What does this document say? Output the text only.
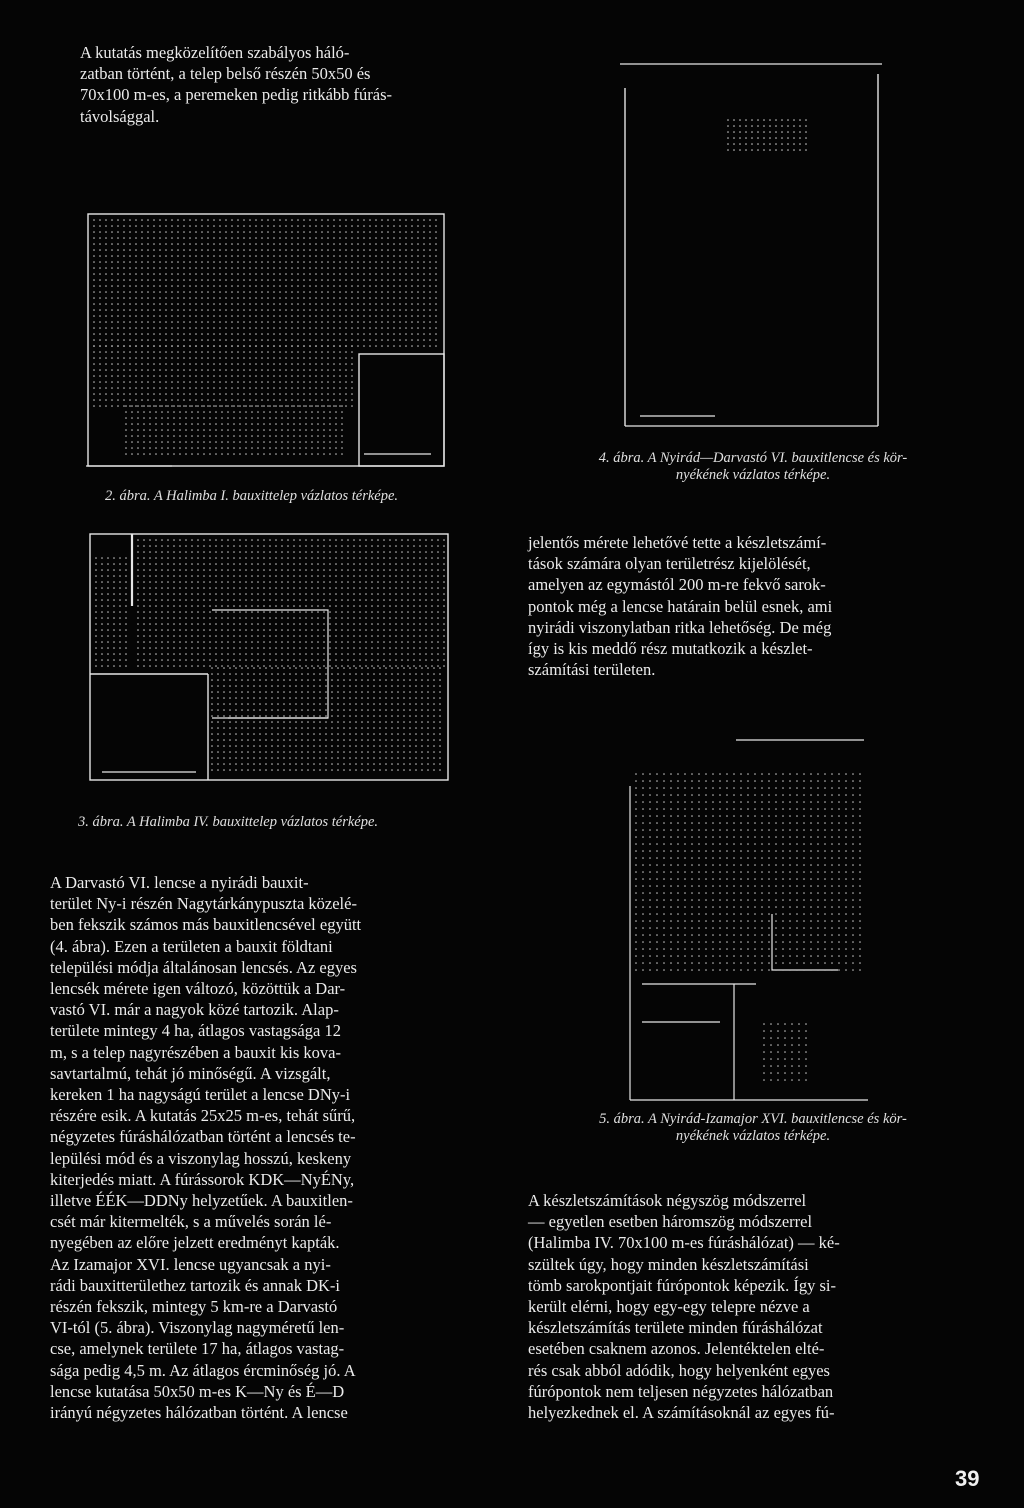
A kutatás megközelítően szabályos háló-
zatban történt, a telep belső részén 50x50 és
70x100 m-es, a peremeken pedig ritkább fúrás-
távolsággal.
2. ábra. A Halimba I. bauxittelep vázlatos térképe.
4. ábra. A Nyirád—Darvastó VI. bauxitlencse és kör-
nyékének vázlatos térképe.
3. ábra. A Halimba IV. bauxittelep vázlatos térképe.
jelentős mérete lehetővé tette a készletszámí-
tások számára olyan területrész kijelölését,
amelyen az egymástól 200 m-re fekvő sarok-
pontok még a lencse határain belül esnek, ami
nyirádi viszonylatban ritka lehetőség. De még
így is kis meddő rész mutatkozik a készlet-
számítási területen.
5. ábra. A Nyirád-Izamajor XVI. bauxitlencse és kör-
nyékének vázlatos térképe.
A Darvastó VI. lencse a nyirádi bauxit-
terület Ny-i részén Nagytárkánypuszta közelé-
ben fekszik számos más bauxitlencsével együtt
(4. ábra). Ezen a területen a bauxit földtani
települési módja általánosan lencsés. Az egyes
lencsék mérete igen változó, közöttük a Dar-
vastó VI. már a nagyok közé tartozik. Alap-
területe mintegy 4 ha, átlagos vastagsága 12
m, s a telep nagyrészében a bauxit kis kova-
savtartalmú, tehát jó minőségű. A vizsgált,
kereken 1 ha nagyságú terület a lencse DNy-i
részére esik. A kutatás 25x25 m-es, tehát sűrű,
négyzetes fúráshálózatban történt a lencsés te-
lepülési mód és a viszonylag hosszú, keskeny
kiterjedés miatt. A fúrássorok KDK—NyÉNy,
illetve ÉÉK—DDNy helyzetűek. A bauxitlen-
csét már kitermelték, s a művelés során lé-
nyegében az előre jelzett eredményt kapták.
Az Izamajor XVI. lencse ugyancsak a nyi-
rádi bauxitterülethez tartozik és annak DK-i
részén fekszik, mintegy 5 km-re a Darvastó
VI-tól (5. ábra). Viszonylag nagyméretű len-
cse, amelynek területe 17 ha, átlagos vastag-
sága pedig 4,5 m. Az átlagos ércminőség jó. A
lencse kutatása 50x50 m-es K—Ny és É—D
irányú négyzetes hálózatban történt. A lencse
A készletszámítások négyszög módszerrel
— egyetlen esetben háromszög módszerrel
(Halimba IV. 70x100 m-es fúráshálózat) — ké-
szültek úgy, hogy minden készletszámítási
tömb sarokpontjait fúrópontok képezik. Így si-
került elérni, hogy egy-egy telepre nézve a
készletszámítás területe minden fúráshálózat
esetében csaknem azonos. Jelentéktelen elté-
rés csak abból adódik, hogy helyenként egyes
fúrópontok nem teljesen négyzetes hálózatban
helyezkednek el. A számításoknál az egyes fú-
39
